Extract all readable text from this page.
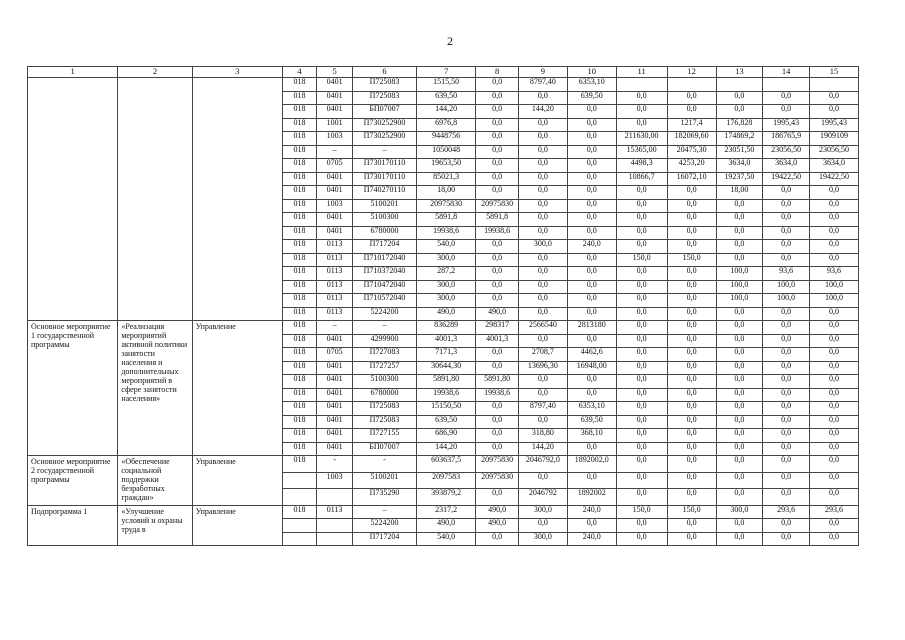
2
1	2	3	4	5	6	7	8	9	10	11	12	13	14	15
			018	0401	П725083	1515,50	0,0	8797,40	6353,10					
			018	0401	П725083	639,50	0,0	0,0	639,50	0,0	0,0	0,0	0,0	0,0
			018	0401	БП07007	144,20	0,0	144,20	0,0	0,0	0,0	0,0	0,0	0,0
			018	1001	П730252900	6976,8	0,0	0,0	0,0	0,0	1217,4	176,828	1995,43	1995,43
			018	1003	П730252900	9448756	0,0	0,0	0,0	211630,00	182069,60	174869,2	186765,9	1909109
			018	–	–	1050048	0,0	0,0	0,0	15365,00	20475,30	23051,50	23056,50	23056,50
			018	0705	П730170110	19653,50	0,0	0,0	0,0	4498,3	4253,20	3634,0	3634,0	3634,0
			018	0401	П730170110	85021,3	0,0	0,0	0,0	10866,7	16072,10	19237,50	19422,50	19422,50
			018	0401	П740270110	18,00	0,0	0,0	0,0	0,0	0,0	18,00	0,0	0,0
			018	1003	5100201	20975830	20975830	0,0	0,0	0,0	0,0	0,0	0,0	0,0
			018	0401	5100300	5891,8	5891,8	0,0	0,0	0,0	0,0	0,0	0,0	0,0
			018	0401	6780000	19938,6	19938,6	0,0	0,0	0,0	0,0	0,0	0,0	0,0
			018	0113	П717204	540,0	0,0	300,0	240,0	0,0	0,0	0,0	0,0	0,0
			018	0113	П710172040	300,0	0,0	0,0	0,0	150,0	150,0	0,0	0,0	0,0
			018	0113	П710372040	287,2	0,0	0,0	0,0	0,0	0,0	100,0	93,6	93,6
			018	0113	П710472040	300,0	0,0	0,0	0,0	0,0	0,0	100,0	100,0	100,0
			018	0113	П710572040	300,0	0,0	0,0	0,0	0,0	0,0	100,0	100,0	100,0
			018	0113	5224200	490,0	490,0	0,0	0,0	0,0	0,0	0,0	0,0	0,0
Основное мероприятие 1 государственной программы	«Реализация мероприятий активной политики занятости населения и дополнительных мероприятий в сфере занятости населения»	Управление	018	–	–	836289	298317	2566540	2813180	0,0	0,0	0,0	0,0	0,0
			018	0401	4299900	4001,3	4001,3	0,0	0,0	0,0	0,0	0,0	0,0	0,0
			018	0705	П727083	7171,3	0,0	2708,7	4462,6	0,0	0,0	0,0	0,0	0,0
			018	0401	П727257	30644,30	0,0	13696,30	16948,00	0,0	0,0	0,0	0,0	0,0
			018	0401	5100300	5891,80	5891,80	0,0	0,0	0,0	0,0	0,0	0,0	0,0
			018	0401	6780000	19938,6	19938,6	0,0	0,0	0,0	0,0	0,0	0,0	0,0
			018	0401	П725083	15150,50	0,0	8797,40	6353,10	0,0	0,0	0,0	0,0	0,0
			018	0401	П725083	639,50	0,0	0,0	639,50	0,0	0,0	0,0	0,0	0,0
			018	0401	П727155	686,90	0,0	318,80	368,10	0,0	0,0	0,0	0,0	0,0
			018	0401	БП07007	144,20	0,0	144,20	0,0	0,0	0,0	0,0	0,0	0,0
Основное мероприятие 2 государственной программы	«Обеспечение социальной поддержки безработных граждан»	Управление	018	-	-	603637,5	20975830	2046792,0	1892002,0	0,0	0,0	0,0	0,0	0,0
				1003	5100201	2097583	20975830	0,0	0,0	0,0	0,0	0,0	0,0	0,0
					П735290	393879,2	0,0	2046792	1892002	0,0	0,0	0,0	0,0	0,0
Подпрограмма 1	«Улучшение условий и охраны труда в	Управление	018	0113	–	2317,2	490,0	300,0	240,0	150,0	150,0	300,0	293,6	293,6
					5224200	490,0	490,0	0,0	0,0	0,0	0,0	0,0	0,0	0,0
					П717204	540,0	0,0	300,0	240,0	0,0	0,0	0,0	0,0	0,0
